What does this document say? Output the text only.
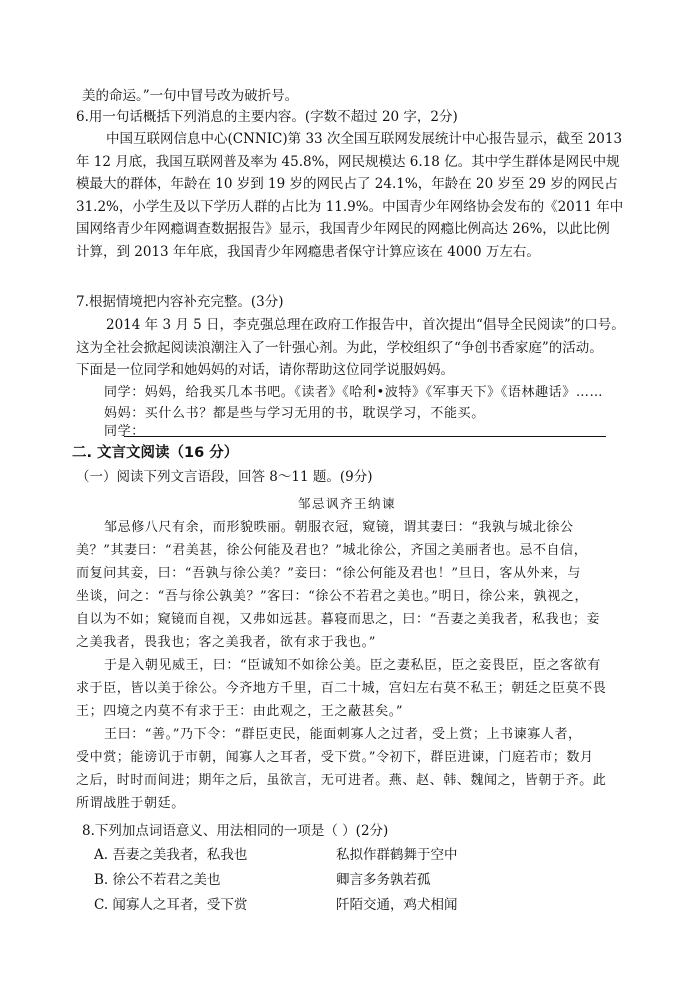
美的命运。”一句中冒号改为破折号。
6.用一句话概括下列消息的主要内容。(字数不超过 20 字，2分)
中国互联网信息中心(CNNIC)第 33 次全国互联网发展统计中心报告显示，截至 2013
年 12 月底，我国互联网普及率为 45.8%，网民规模达 6.18 亿。其中学生群体是网民中规
模最大的群体，年龄在 10 岁到 19 岁的网民占了 24.1%，年龄在 20 岁至 29 岁的网民占
31.2%，小学生及以下学历人群的占比为 11.9%。中国青少年网络协会发布的《2011 年中
国网络青少年网瘾调查数据报告》显示，我国青少年网民的网瘾比例高达 26%，以此比例
计算，到 2013 年年底，我国青少年网瘾患者保守计算应该在 4000 万左右。
7.根据情境把内容补充完整。(3分)
2014 年 3 月 5 日，李克强总理在政府工作报告中，首次提出“倡导全民阅读”的口号。
这为全社会掀起阅读浪潮注入了一针强心剂。为此，学校组织了“争创书香家庭”的活动。
下面是一位同学和她妈妈的对话，请你帮助这位同学说服妈妈。
同学：妈妈，给我买几本书吧。《读者》《哈利•波特》《军事天下》《语林趣话》……
妈妈：买什么书？都是些与学习无用的书，耽误学习，不能买。
同学：
二. 文言文阅读（16 分）
（一）阅读下列文言语段，回答 8～11 题。(9分)
邹忌讽齐王纳谏
邹忌修八尺有余，而形貌昳丽。朝服衣冠，窥镜，谓其妻曰：“我孰与城北徐公
美？”其妻曰：“君美甚，徐公何能及君也？”城北徐公，齐国之美丽者也。忌不自信，
而复问其妾，曰：“吾孰与徐公美？”妾曰：“徐公何能及君也！”旦日，客从外来，与
坐谈，问之：“吾与徐公孰美？”客曰：“徐公不若君之美也。”明日，徐公来，孰视之，
自以为不如；窥镜而自视，又弗如远甚。暮寝而思之，曰：“吾妻之美我者，私我也；妾
之美我者，畏我也；客之美我者，欲有求于我也。”
于是入朝见威王，曰：“臣诚知不如徐公美。臣之妻私臣，臣之妾畏臣，臣之客欲有
求于臣，皆以美于徐公。今齐地方千里，百二十城，宫妇左右莫不私王；朝廷之臣莫不畏
王；四境之内莫不有求于王：由此观之，王之蔽甚矣。”
王曰：“善。”乃下令：“群臣吏民，能面刺寡人之过者，受上赏；上书谏寡人者，
受中赏；能谤讥于市朝，闻寡人之耳者，受下赏。”令初下，群臣进谏，门庭若市；数月
之后，时时而间进；期年之后，虽欲言，无可进者。燕、赵、韩、魏闻之，皆朝于齐。此
所谓战胜于朝廷。
8.下列加点词语意义、用法相同的一项是（ ）(2分)
A. 吾妻之美我者，私我也	私拟作群鹤舞于空中
B. 徐公不若君之美也	卿言多务孰若孤
C. 闻寡人之耳者，受下赏	阡陌交通，鸡犬相闻
